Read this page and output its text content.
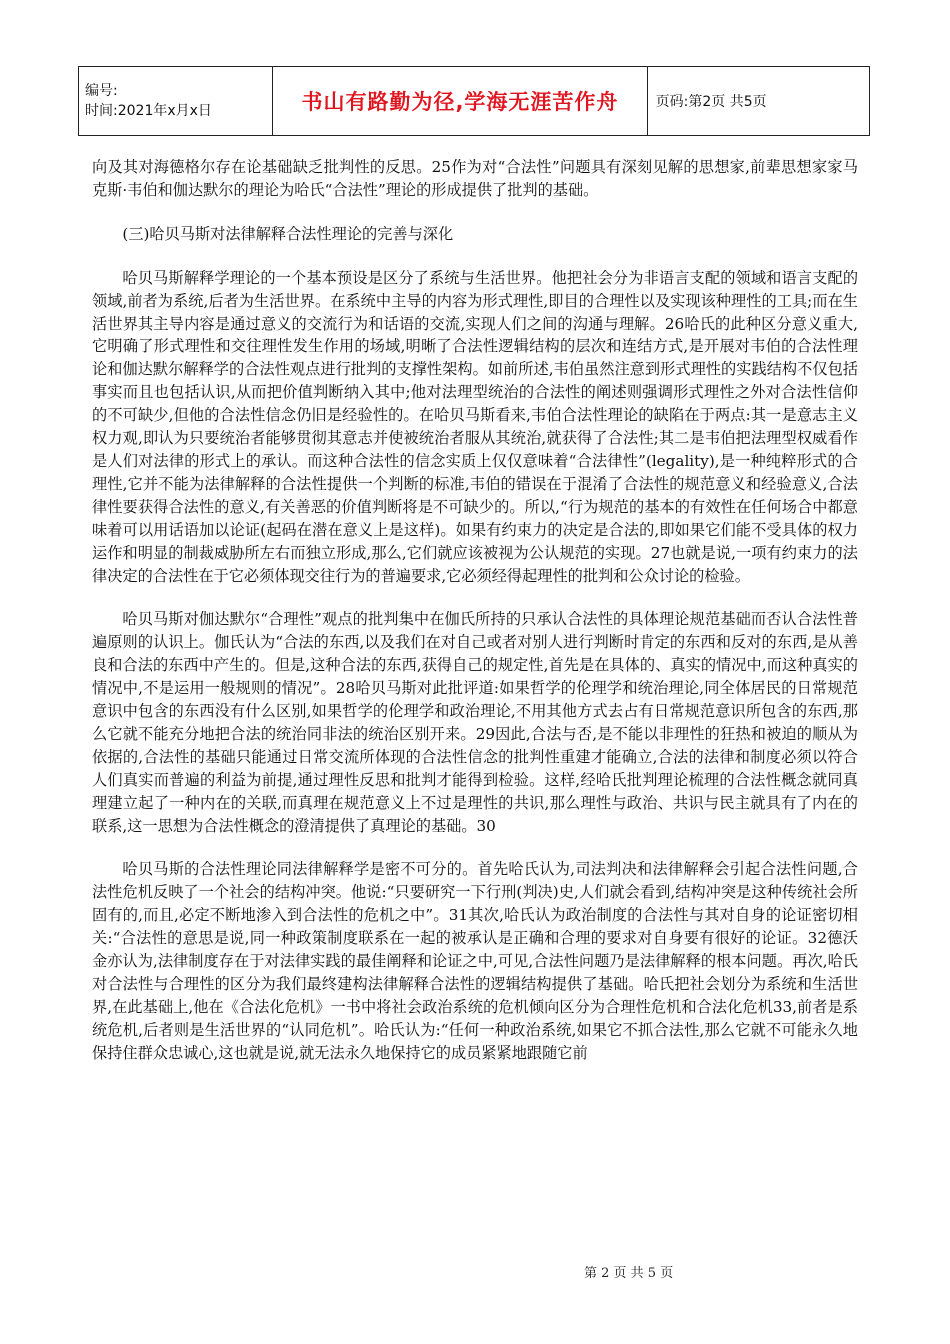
编号:
时间:2021年x月x日	书山有路勤为径,学海无涯苦作舟	页码:第2页 共5页

向及其对海德格尔存在论基础缺乏批判性的反思。25作为对“合法性”问题具有深刻见解的思想家,前辈思想家家马克斯·韦伯和伽达默尔的理论为哈氏“合法性”理论的形成提供了批判的基础。

(三)哈贝马斯对法律解释合法性理论的完善与深化

哈贝马斯解释学理论的一个基本预设是区分了系统与生活世界。他把社会分为非语言支配的领域和语言支配的领域,前者为系统,后者为生活世界。在系统中主导的内容为形式理性,即目的合理性以及实现该种理性的工具;而在生活世界其主导内容是通过意义的交流行为和话语的交流,实现人们之间的沟通与理解。26哈氏的此种区分意义重大,它明确了形式理性和交往理性发生作用的场域,明晰了合法性逻辑结构的层次和连结方式,是开展对韦伯的合法性理论和伽达默尔解释学的合法性观点进行批判的支撑性架构。如前所述,韦伯虽然注意到形式理性的实践结构不仅包括事实而且也包括认识,从而把价值判断纳入其中;他对法理型统治的合法性的阐述则强调形式理性之外对合法性信仰的不可缺少,但他的合法性信念仍旧是经验性的。在哈贝马斯看来,韦伯合法性理论的缺陷在于两点:其一是意志主义权力观,即认为只要统治者能够贯彻其意志并使被统治者服从其统治,就获得了合法性;其二是韦伯把法理型权威看作是人们对法律的形式上的承认。而这种合法性的信念实质上仅仅意味着“合法律性”(legality),是一种纯粹形式的合理性,它并不能为法律解释的合法性提供一个判断的标准,韦伯的错误在于混淆了合法性的规范意义和经验意义,合法律性要获得合法性的意义,有关善恶的价值判断将是不可缺少的。所以,“行为规范的基本的有效性在任何场合中都意味着可以用话语加以论证(起码在潜在意义上是这样)。如果有约束力的决定是合法的,即如果它们能不受具体的权力运作和明显的制裁威胁所左右而独立形成,那么,它们就应该被视为公认规范的实现。27也就是说,一项有约束力的法律决定的合法性在于它必须体现交往行为的普遍要求,它必须经得起理性的批判和公众讨论的检验。

哈贝马斯对伽达默尔“合理性”观点的批判集中在伽氏所持的只承认合法性的具体理论规范基础而否认合法性普遍原则的认识上。伽氏认为“合法的东西,以及我们在对自己或者对别人进行判断时肯定的东西和反对的东西,是从善良和合法的东西中产生的。但是,这种合法的东西,获得自己的规定性,首先是在具体的、真实的情况中,而这种真实的情况中,不是运用一般规则的情况”。28哈贝马斯对此批评道:如果哲学的伦理学和统治理论,同全体居民的日常规范意识中包含的东西没有什么区别,如果哲学的伦理学和政治理论,不用其他方式去占有日常规范意识所包含的东西,那么它就不能充分地把合法的统治同非法的统治区别开来。29因此,合法与否,是不能以非理性的狂热和被迫的顺从为依据的,合法性的基础只能通过日常交流所体现的合法性信念的批判性重建才能确立,合法的法律和制度必须以符合人们真实而普遍的利益为前提,通过理性反思和批判才能得到检验。这样,经哈氏批判理论梳理的合法性概念就同真理建立起了一种内在的关联,而真理在规范意义上不过是理性的共识,那么理性与政治、共识与民主就具有了内在的联系,这一思想为合法性概念的澄清提供了真理论的基础。30

哈贝马斯的合法性理论同法律解释学是密不可分的。首先哈氏认为,司法判决和法律解释会引起合法性问题,合法性危机反映了一个社会的结构冲突。他说:“只要研究一下行刑(判决)史,人们就会看到,结构冲突是这种传统社会所固有的,而且,必定不断地渗入到合法性的危机之中”。31其次,哈氏认为政治制度的合法性与其对自身的论证密切相关:“合法性的意思是说,同一种政策制度联系在一起的被承认是正确和合理的要求对自身要有很好的论证。32德沃金亦认为,法律制度存在于对法律实践的最佳阐释和论证之中,可见,合法性问题乃是法律解释的根本问题。再次,哈氏对合法性与合理性的区分为我们最终建构法律解释合法性的逻辑结构提供了基础。哈氏把社会划分为系统和生活世界,在此基础上,他在《合法化危机》一书中将社会政治系统的危机倾向区分为合理性危机和合法化危机33,前者是系统危机,后者则是生活世界的“认同危机”。哈氏认为:“任何一种政治系统,如果它不抓合法性,那么它就不可能永久地保持住群众忠诚心,这也就是说,就无法永久地保持它的成员紧紧地跟随它前

第 2 页 共 5 页
